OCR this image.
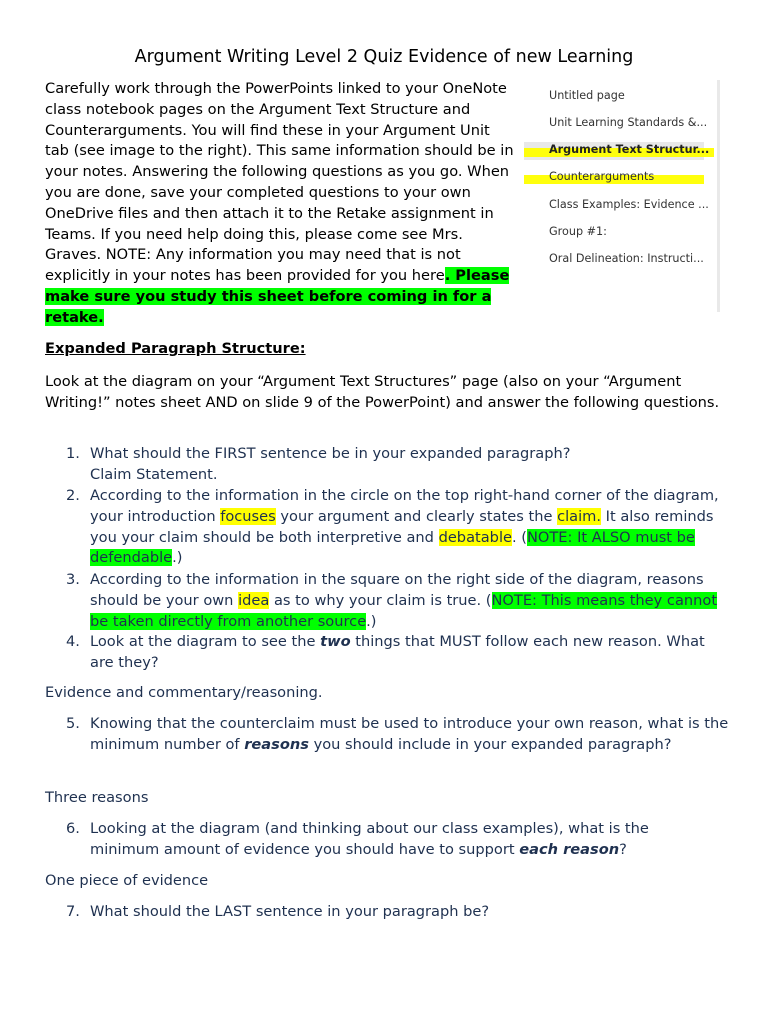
Argument Writing Level 2 Quiz Evidence of new Learning
Carefully work through the PowerPoints linked to your OneNote class notebook pages on the Argument Text Structure and Counterarguments. You will find these in your Argument Unit tab (see image to the right). This same information should be in your notes. Answering the following questions as you go. When you are done, save your completed questions to your own OneDrive files and then attach it to the Retake assignment in Teams. If you need help doing this, please come see Mrs. Graves. NOTE: Any information you may need that is not explicitly in your notes has been provided for you here. Please make sure you study this sheet before coming in for a retake.
Untitled page
Unit Learning Standards &...
Argument Text Structur...
Counterarguments
Class Examples: Evidence ...
Group #1:
Oral Delineation: Instructi...
Expanded Paragraph Structure:
Look at the diagram on your “Argument Text Structures” page (also on your “Argument Writing!” notes sheet AND on slide 9 of the PowerPoint) and answer the following questions.
1. What should the FIRST sentence be in your expanded paragraph?
Claim Statement.
2. According to the information in the circle on the top right-hand corner of the diagram, your introduction focuses your argument and clearly states the claim. It also reminds you your claim should be both interpretive and debatable. (NOTE: It ALSO must be defendable.)
3. According to the information in the square on the right side of the diagram, reasons should be your own idea as to why your claim is true. (NOTE: This means they cannot be taken directly from another source.)
4. Look at the diagram to see the two things that MUST follow each new reason. What are they?
Evidence and commentary/reasoning.
5. Knowing that the counterclaim must be used to introduce your own reason, what is the minimum number of reasons you should include in your expanded paragraph?
Three reasons
6. Looking at the diagram (and thinking about our class examples), what is the minimum amount of evidence you should have to support each reason?
One piece of evidence
7. What should the LAST sentence in your paragraph be?
